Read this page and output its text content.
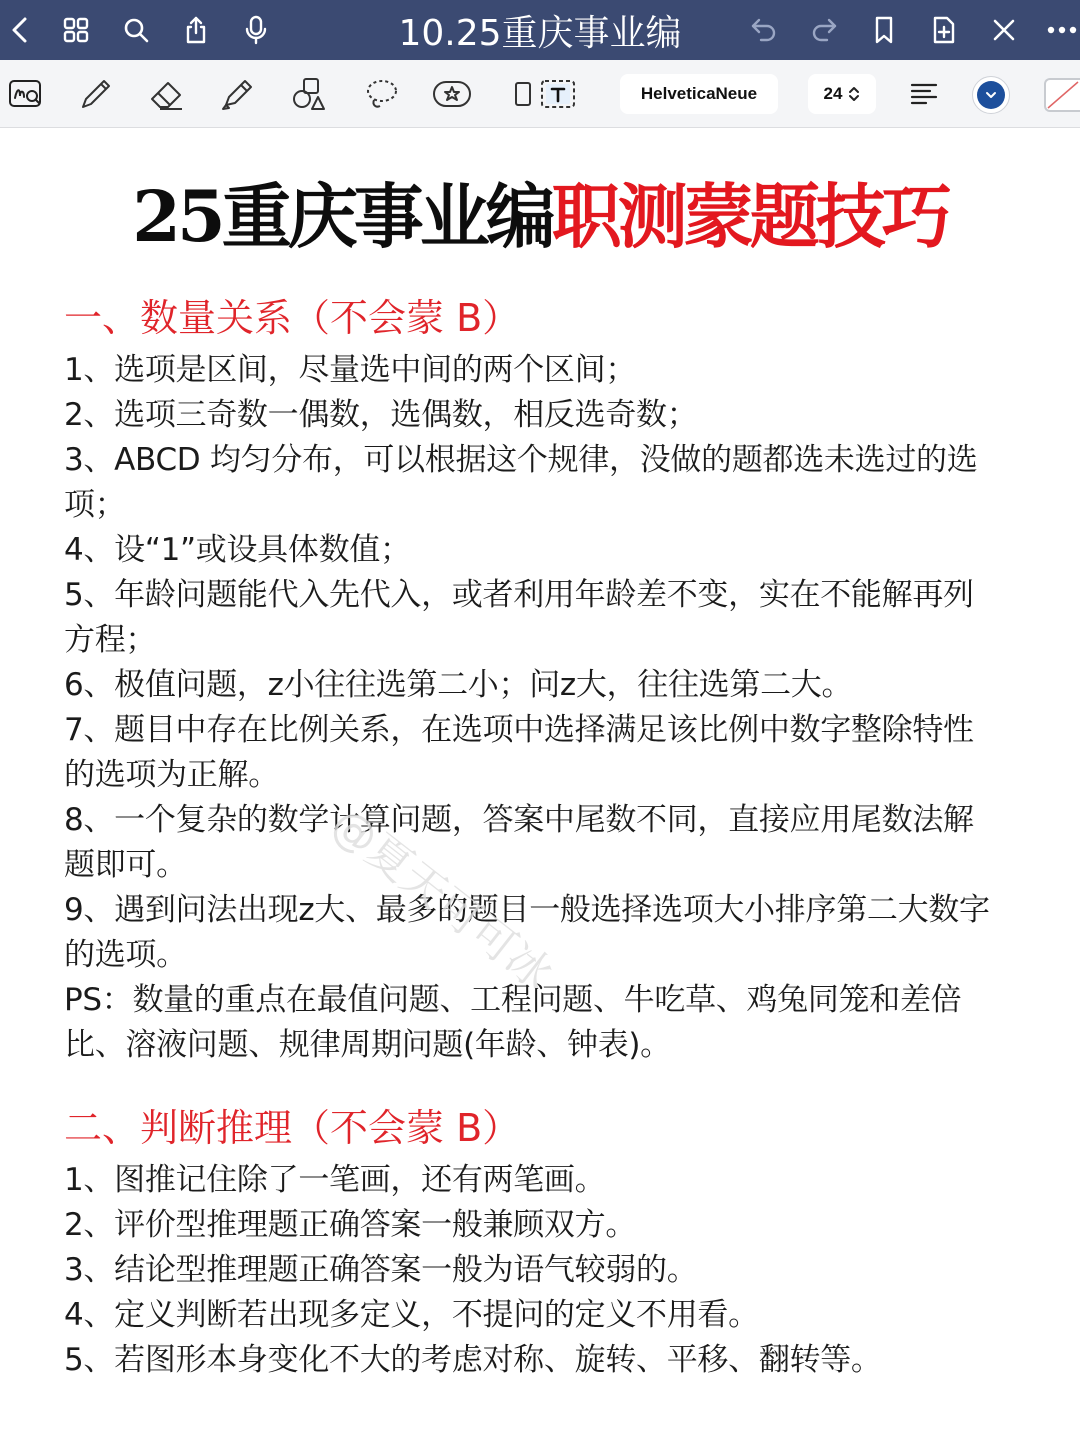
10.25重庆事业编
HelveticaNeue	24
25重庆事业编 职测蒙题技巧
一、数量关系（不会蒙 B）
1、选项是区间，尽量选中间的两个区间；
2、选项三奇数一偶数，选偶数，相反选奇数；
3、ABCD 均匀分布，可以根据这个规律，没做的题都选未选过的选
项；
4、设“1”或设具体数值；
5、年龄问题能代入先代入，或者利用年龄差不变，实在不能解再列
方程；
6、极值问题，z小往往选第二小；问z大，往往选第二大。
7、题目中存在比例关系，在选项中选择满足该比例中数字整除特性
的选项为正解。
8、一个复杂的数学计算问题，答案中尾数不同，直接应用尾数法解
题即可。
9、遇到问法出现z大、最多的题目一般选择选项大小排序第二大数字
的选项。
PS：数量的重点在最值问题、工程问题、牛吃草、鸡兔同笼和差倍
比、溶液问题、规律周期问题(年龄、钟表)。
二、判断推理（不会蒙 B）
1、图推记住除了一笔画，还有两笔画。
2、评价型推理题正确答案一般兼顾双方。
3、结论型推理题正确答案一般为语气较弱的。
4、定义判断若出现多定义，不提问的定义不用看。
5、若图形本身变化不大的考虑对称、旋转、平移、翻转等。
@夏天可可冰
